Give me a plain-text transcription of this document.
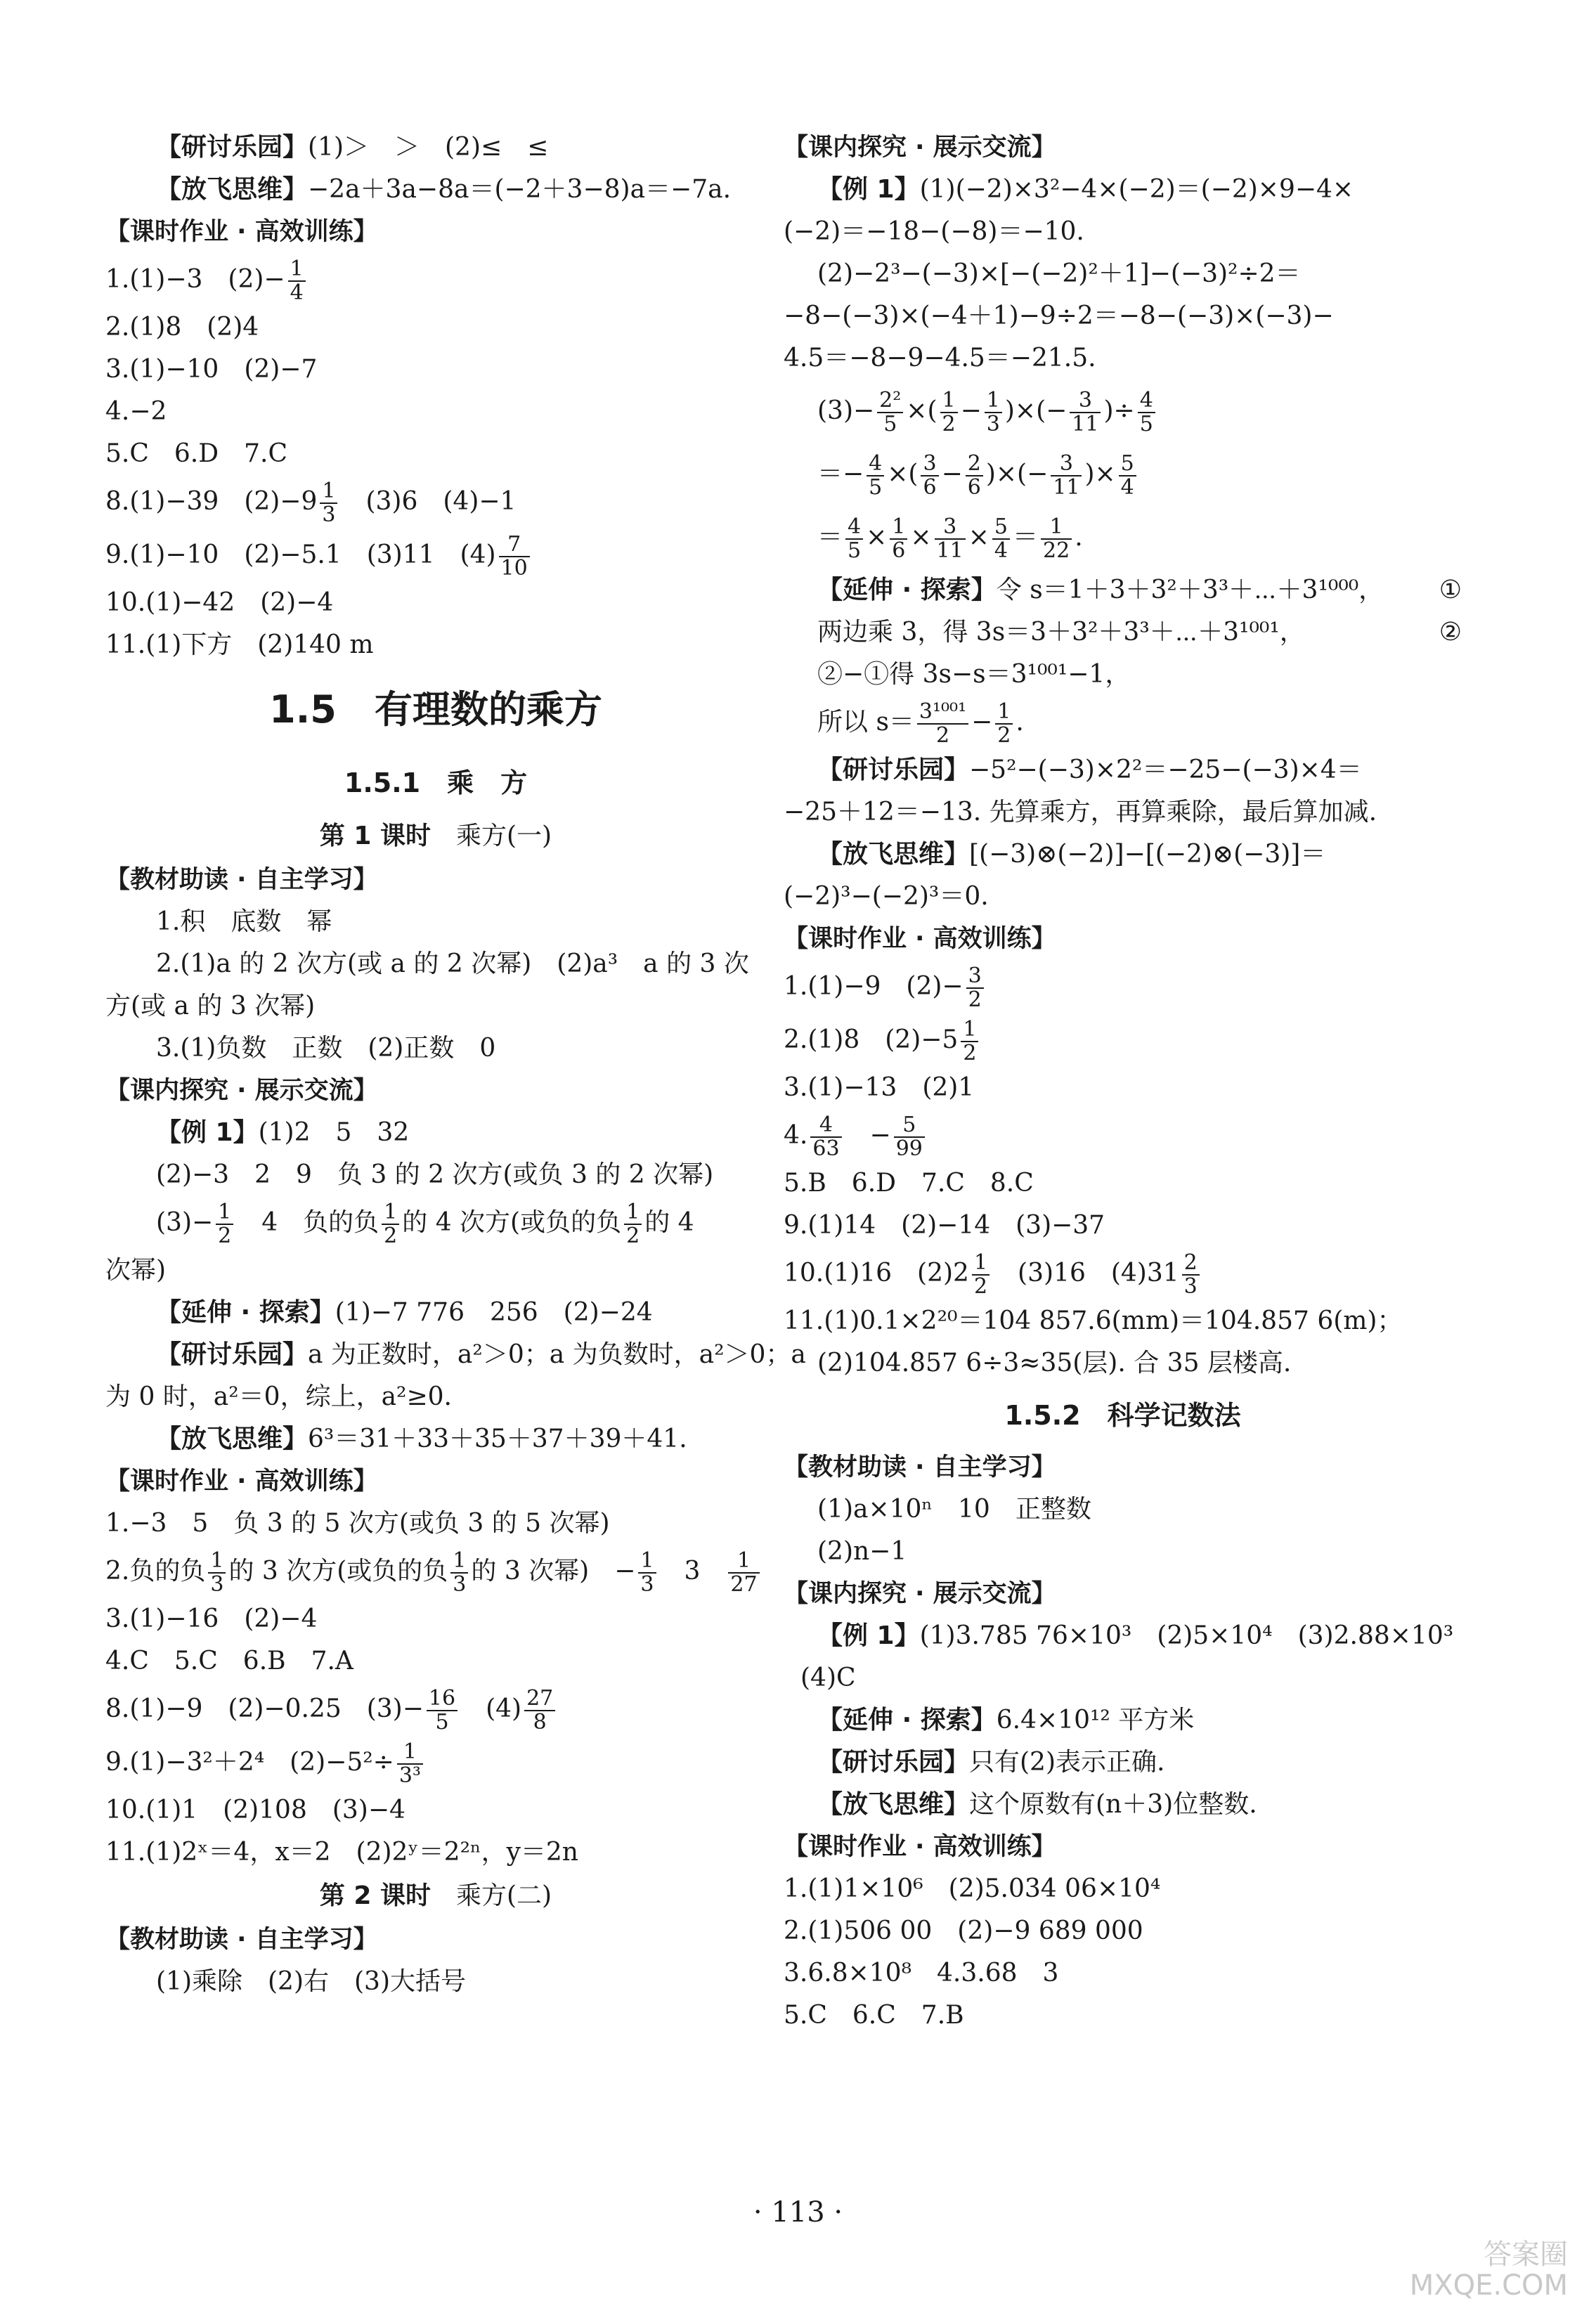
【研讨乐园】(1)＞　＞　(2)≤　≤
【放飞思维】−2a＋3a−8a＝(−2＋3−8)a＝−7a.
【课时作业 · 高效训练】
1.(1)−3　$(2)- \frac{1}{4}$
2.(1)8　(2)4
3.(1)−10　(2)−7
4.−2
5.C　6.D　7.C
8.(1)−39　$(2)-9 \frac{1}{3}$ 　(3)6　(4)−1
9.(1)−10　(2)−5.1　(3)11　$(4) \frac{7}{10}$
10.(1)−42　(2)−4
11.(1)下方　(2)140 m
1.5　有理数的乘方
1.5.1　乘　方
第 1 课时　乘方(一)
【教材助读 · 自主学习】
1.积　底数　幂
2.(1)a 的 2 次方(或 a 的 2 次幂)　(2)a³　a 的 3 次
方(或 a 的 3 次幂)
3.(1)负数　正数　(2)正数　0
【课内探究 · 展示交流】
【例 1】(1)2　5　32
(2)−3　2　9　负 3 的 2 次方(或负 3 的 2 次幂)
$(3)- \frac{1}{2}$ 　4　负的负 $\frac{1}{2}$ 的 4 次方(或负的负 $\frac{1}{2}$ 的 4
次幂)
【延伸 · 探索】(1)−7 776　256　(2)−24
【研讨乐园】a 为正数时，a²＞0；a 为负数时，a²＞0；a
为 0 时，a²＝0，综上，a²≥0.
【放飞思维】6³＝31＋33＋35＋37＋39＋41.
【课时作业 · 高效训练】
1.−3　5　负 3 的 5 次方(或负 3 的 5 次幂)
2.负的负 $\frac{1}{3}$ 的 3 次方(或负的负 $\frac{1}{3}$ 的 3 次幂)　− $\frac{1}{3}$ 　3　 $\frac{1}{27}$
3.(1)−16　(2)−4
4.C　5.C　6.B　7.A
8.(1)−9　(2)−0.25　$(3)- \frac{16}{5}$ 　$(4) \frac{27}{8}$
9.(1)−3²＋2⁴　$(2)-5^2\div \frac{1}{\text{3³}}$
10.(1)1　(2)108　(3)−4
11.(1)2ˣ＝4，x＝2　(2)2ʸ＝2²ⁿ，y＝2n
第 2 课时　乘方(二)
【教材助读 · 自主学习】
(1)乘除　(2)右　(3)大括号
【课内探究 · 展示交流】
【例 1】(1)(−2)×3²−4×(−2)＝(−2)×9−4×
(−2)＝−18−(−8)＝−10.
(2)−2³−(−3)×[−(−2)²＋1]−(−3)²÷2＝
−8−(−3)×(−4＋1)−9÷2＝−8−(−3)×(−3)−
4.5＝−8−9−4.5＝−21.5.
$(3)- \frac{\text{2²}}{5}$ ×( $\frac{1}{2} - \frac{1}{3}$ )×(− $\frac{3}{11}$ )÷ $\frac{4}{5}$
＝− $\frac{4}{5}$ ×( $\frac{3}{6} - \frac{2}{6}$ )×(− $\frac{3}{11}$ )× $\frac{5}{4}$
＝ $\frac{4}{5} \times \frac{1}{6} \times \frac{3}{11} \times \frac{5}{4} = \frac{1}{22}$ .
【延伸 · 探索】令 s＝1＋3＋3²＋3³＋⋯＋3¹⁰⁰⁰， ①
两边乘 3，得 3s＝3＋3²＋3³＋⋯＋3¹⁰⁰¹，	②
②−①得 3s−s＝3¹⁰⁰¹−1，
所以 $s= \frac{\text{3¹⁰⁰¹}}{2} - \frac{1}{2}$ .
【研讨乐园】−5²−(−3)×2²＝−25−(−3)×4＝
−25＋12＝−13. 先算乘方，再算乘除，最后算加减.
【放飞思维】[(−3)⊗(−2)]−[(−2)⊗(−3)]＝
(−2)³−(−2)³＝0.
【课时作业 · 高效训练】
1.(1)−9　$(2)- \frac{3}{2}$
2.(1)8　$(2)-5 \frac{1}{2}$
3.(1)−13　(2)1
4. $\frac{4}{63}$ 　− $\frac{5}{99}$
5.B　6.D　7.C　8.C
9.(1)14　(2)−14　(3)−37
10.(1)16　$(2)2 \frac{1}{2}$ 　(3)16　$(4)31 \frac{2}{3}$
11.(1)0.1×2²⁰＝104 857.6(mm)＝104.857 6(m)；
(2)104.857 6÷3≈35(层). 合 35 层楼高.
1.5.2　科学记数法
【教材助读 · 自主学习】
(1)a×10ⁿ　10　正整数
(2)n−1
【课内探究 · 展示交流】
【例 1】(1)3.785 76×10³　(2)5×10⁴　(3)2.88×10³
(4)C
【延伸 · 探索】6.4×10¹² 平方米
【研讨乐园】只有(2)表示正确.
【放飞思维】这个原数有(n＋3)位整数.
【课时作业 · 高效训练】
1.(1)1×10⁶　(2)5.034 06×10⁴
2.(1)506 00　(2)−9 689 000
3.6.8×10⁸　4.3.68　3
5.C　6.C　7.B
· 113 ·
答案圈
MXQE.COM
